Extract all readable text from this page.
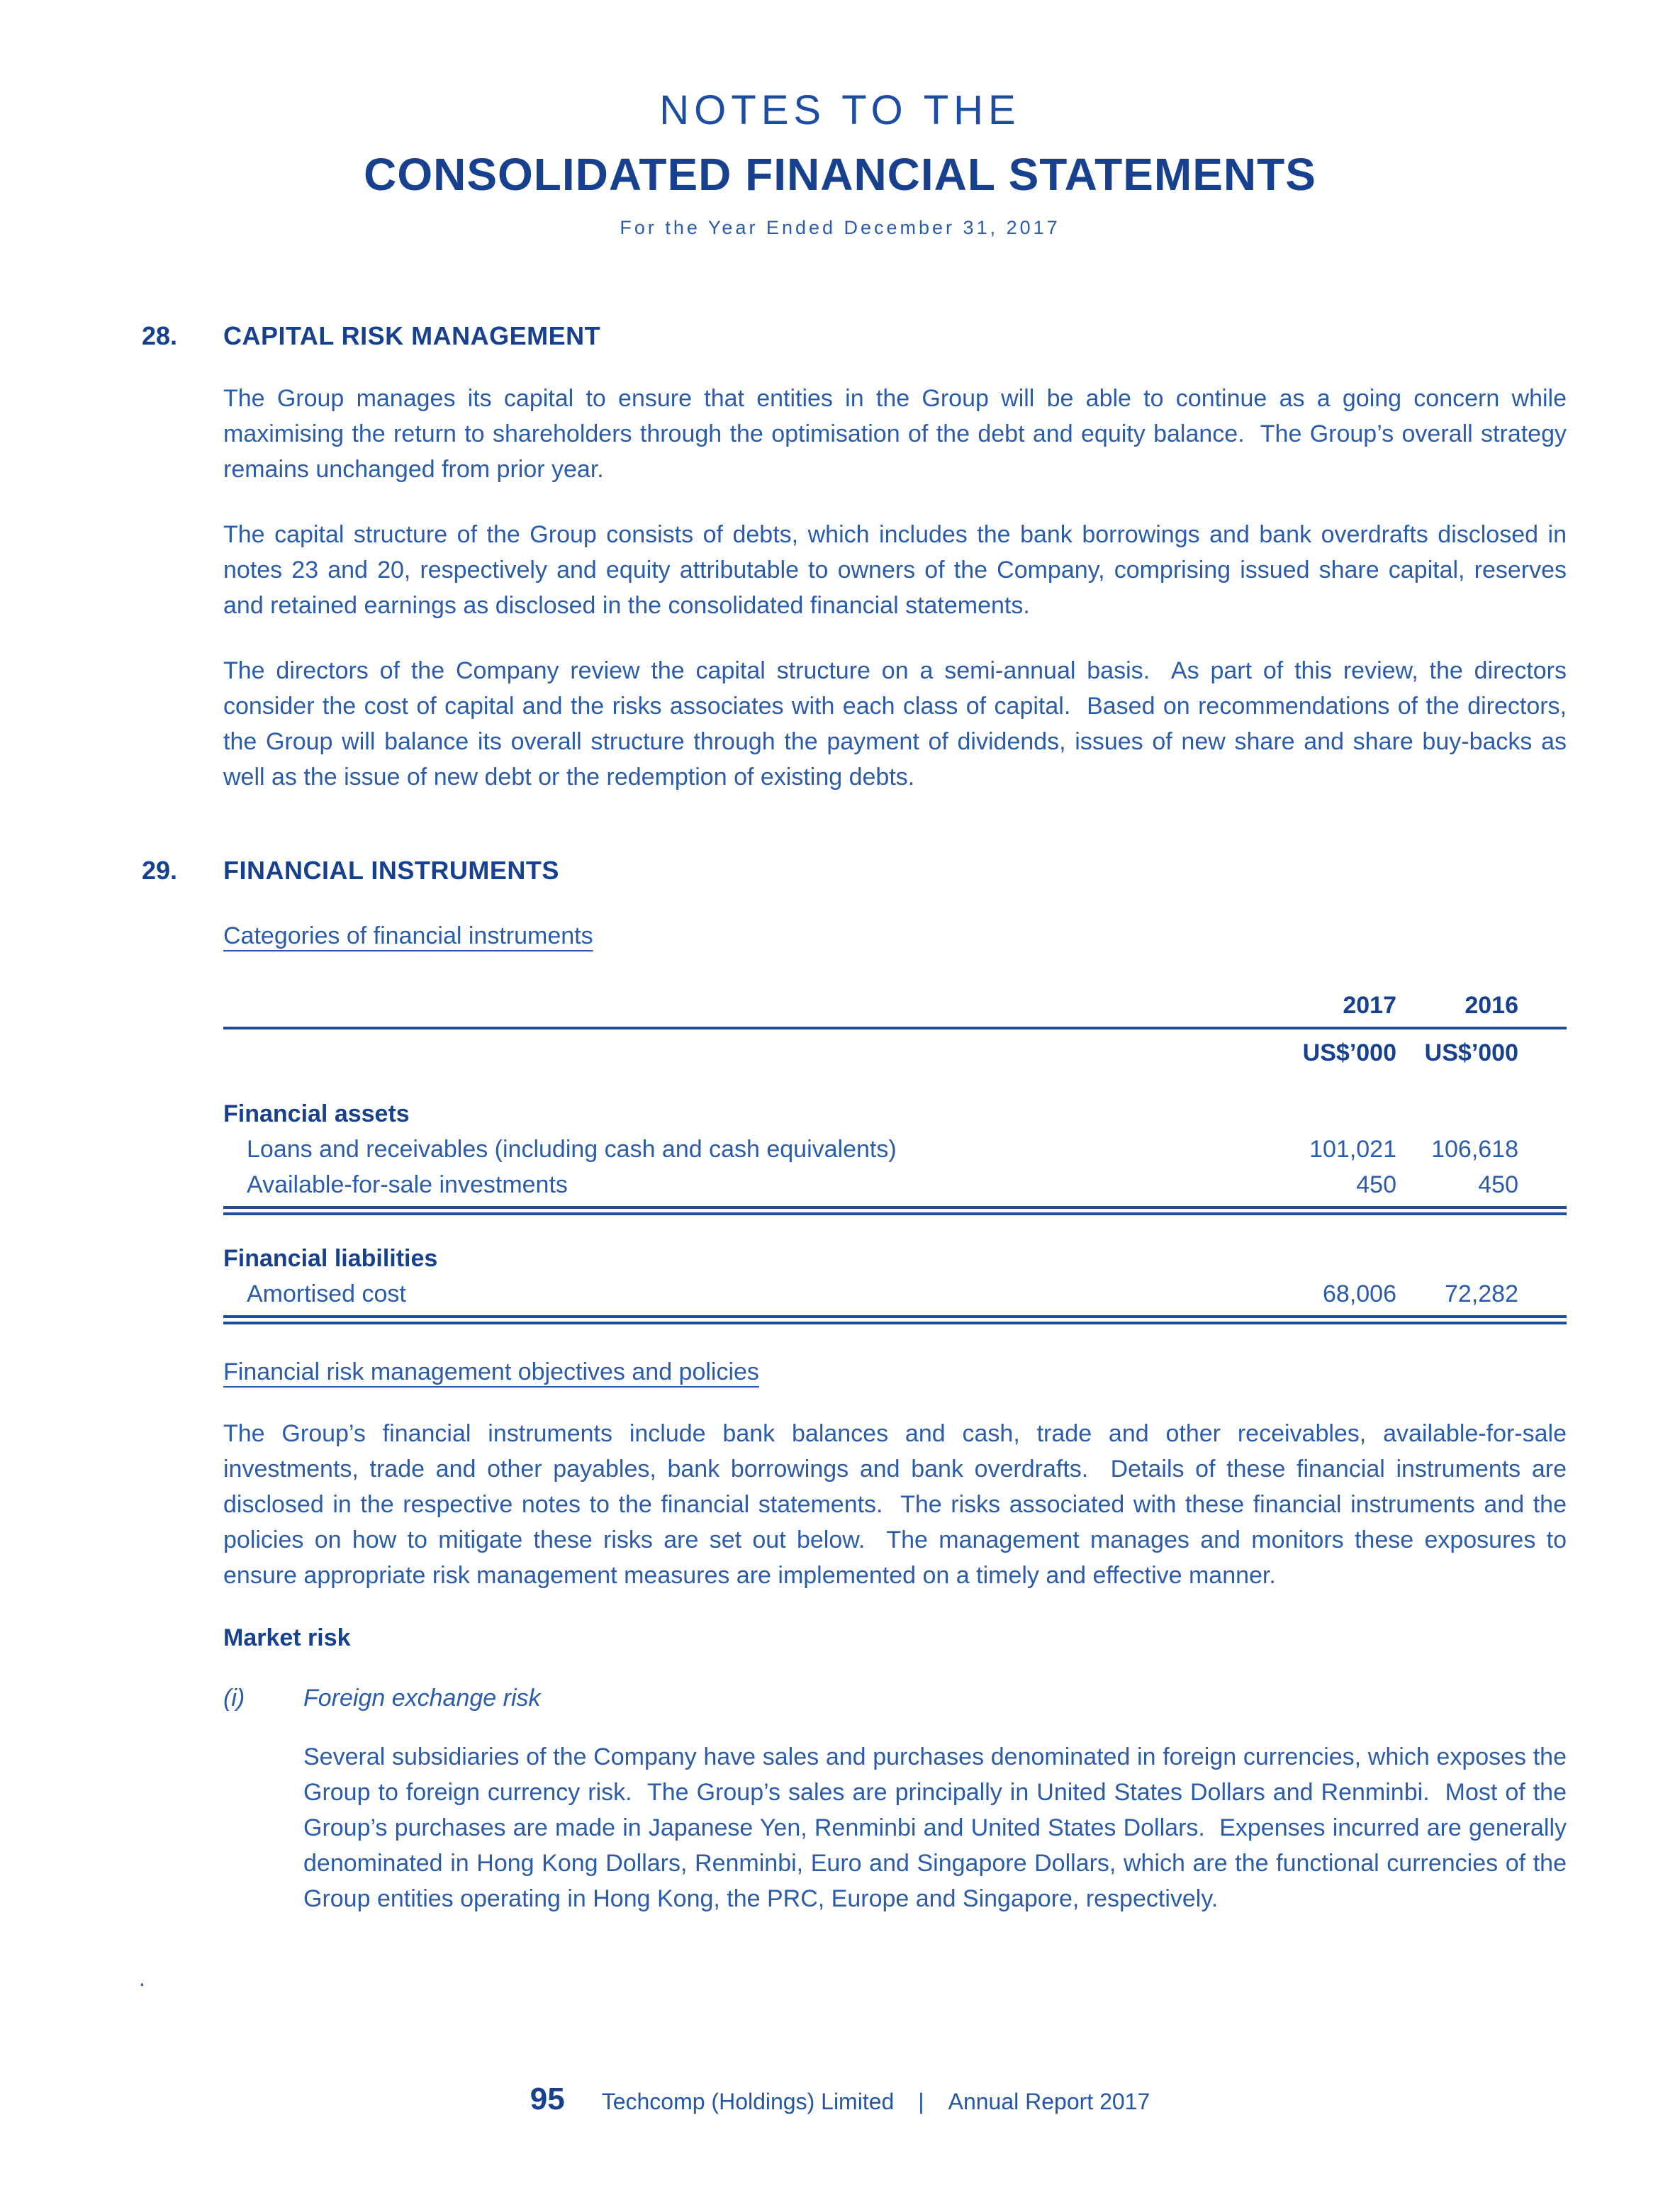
NOTES TO THE
CONSOLIDATED FINANCIAL STATEMENTS
For the Year Ended December 31, 2017
28.	CAPITAL RISK MANAGEMENT

The Group manages its capital to ensure that entities in the Group will be able to continue as a going concern while maximising the return to shareholders through the optimisation of the debt and equity balance.  The Group’s overall strategy remains unchanged from prior year.

The capital structure of the Group consists of debts, which includes the bank borrowings and bank overdrafts disclosed in notes 23 and 20, respectively and equity attributable to owners of the Company, comprising issued share capital, reserves and retained earnings as disclosed in the consolidated financial statements.

The directors of the Company review the capital structure on a semi-annual basis.  As part of this review, the directors consider the cost of capital and the risks associates with each class of capital.  Based on recommendations of the directors, the Group will balance its overall structure through the payment of dividends, issues of new share and share buy-backs as well as the issue of new debt or the redemption of existing debts.

29.	FINANCIAL INSTRUMENTS
Categories of financial instruments
2017	2016
US$’000	US$’000
Financial assets
Loans and receivables (including cash and cash equivalents)	101,021	106,618
Available-for-sale investments	450	450
Financial liabilities
Amortised cost	68,006	72,282
Financial risk management objectives and policies

The Group’s financial instruments include bank balances and cash, trade and other receivables, available-for-sale investments, trade and other payables, bank borrowings and bank overdrafts.  Details of these financial instruments are disclosed in the respective notes to the financial statements.  The risks associated with these financial instruments and the policies on how to mitigate these risks are set out below.  The management manages and monitors these exposures to ensure appropriate risk management measures are implemented on a timely and effective manner.

Market risk
(i)	Foreign exchange risk

Several subsidiaries of the Company have sales and purchases denominated in foreign currencies, which exposes the Group to foreign currency risk.  The Group’s sales are principally in United States Dollars and Renminbi.  Most of the Group’s purchases are made in Japanese Yen, Renminbi and United States Dollars.  Expenses incurred are generally denominated in Hong Kong Dollars, Renminbi, Euro and Singapore Dollars, which are the functional currencies of the Group entities operating in Hong Kong, the PRC, Europe and Singapore, respectively.

.
95 Techcomp (Holdings) Limited | Annual Report 2017
